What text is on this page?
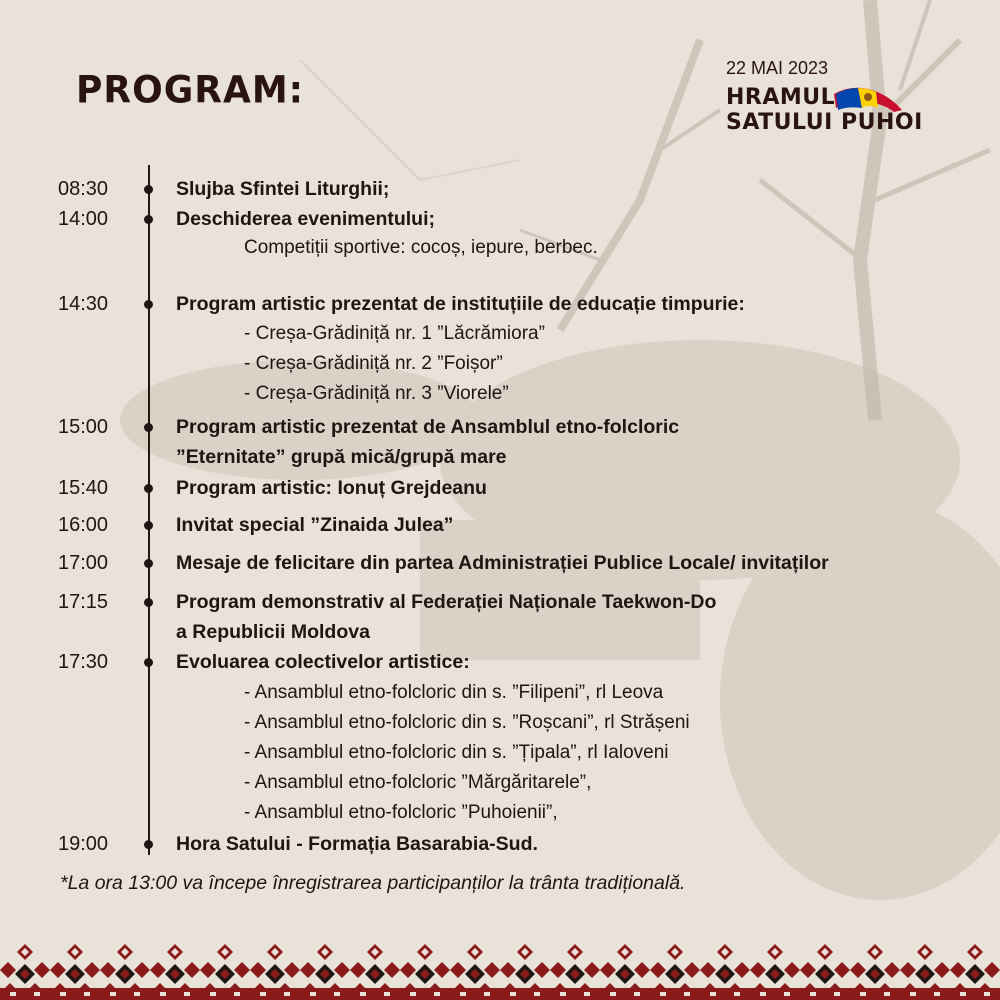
PROGRAM:
22 MAI 2023
HRAMUL
SATULUI PUHOI
08:30	Slujba Sfintei Liturghii;
14:00	Deschiderea evenimentului;
Competiții sportive: cocoș, iepure, berbec.
14:30	Program artistic prezentat de instituțiile de educație timpurie:
- Creșa-Grădiniță nr. 1 ”Lăcrămiora”
- Creșa-Grădiniță nr. 2 ”Foișor”
- Creșa-Grădiniță nr. 3 ”Viorele”
15:00	Program artistic prezentat de Ansamblul etno-folcloric
”Eternitate” grupă mică/grupă mare
15:40	Program artistic: Ionuț Grejdeanu
16:00	Invitat special ”Zinaida Julea”
17:00	Mesaje de felicitare din partea Administrației Publice Locale/ invitaților
17:15	Program demonstrativ al Federației Naționale Taekwon-Do
a Republicii Moldova
17:30	Evoluarea colectivelor artistice:
- Ansamblul etno-folcloric din s. ”Filipeni”, rl Leova
- Ansamblul etno-folcloric din s. ”Roșcani”, rl Strășeni
- Ansamblul etno-folcloric din s. ”Țipala”, rl Ialoveni
- Ansamblul etno-folcloric ”Mărgăritarele”,
- Ansamblul etno-folcloric ”Puhoienii”,
19:00	Hora Satului - Formația Basarabia-Sud.
*La ora 13:00 va începe înregistrarea participanților la trânta tradițională.
